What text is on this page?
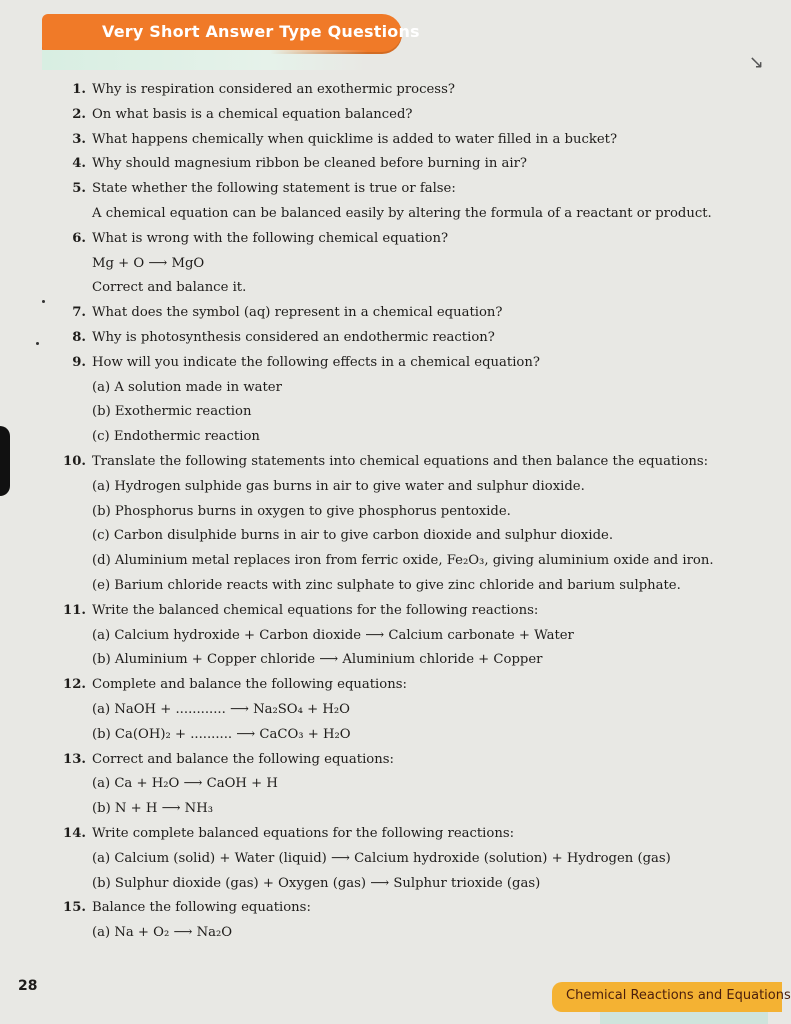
Very Short Answer Type Questions
↘
1. Why is respiration considered an exothermic process?
2. On what basis is a chemical equation balanced?
3. What happens chemically when quicklime is added to water filled in a bucket?
4. Why should magnesium ribbon be cleaned before burning in air?
5. State whether the following statement is true or false:
A chemical equation can be balanced easily by altering the formula of a reactant or product.
6. What is wrong with the following chemical equation?
Mg + O ⟶ MgO
Correct and balance it.
7. What does the symbol (aq) represent in a chemical equation?
8. Why is photosynthesis considered an endothermic reaction?
9. How will you indicate the following effects in a chemical equation?
(a) A solution made in water
(b) Exothermic reaction
(c) Endothermic reaction
10. Translate the following statements into chemical equations and then balance the equations:
(a) Hydrogen sulphide gas burns in air to give water and sulphur dioxide.
(b) Phosphorus burns in oxygen to give phosphorus pentoxide.
(c) Carbon disulphide burns in air to give carbon dioxide and sulphur dioxide.
(d) Aluminium metal replaces iron from ferric oxide, Fe₂O₃, giving aluminium oxide and iron.
(e) Barium chloride reacts with zinc sulphate to give zinc chloride and barium sulphate.
11. Write the balanced chemical equations for the following reactions:
(a) Calcium hydroxide + Carbon dioxide ⟶ Calcium carbonate + Water
(b) Aluminium + Copper chloride ⟶ Aluminium chloride + Copper
12. Complete and balance the following equations:
(a) NaOH + ............ ⟶ Na₂SO₄ + H₂O
(b) Ca(OH)₂ + .......... ⟶ CaCO₃ + H₂O
13. Correct and balance the following equations:
(a) Ca + H₂O ⟶ CaOH + H
(b) N + H ⟶ NH₃
14. Write complete balanced equations for the following reactions:
(a) Calcium (solid) + Water (liquid) ⟶ Calcium hydroxide (solution) + Hydrogen (gas)
(b) Sulphur dioxide (gas) + Oxygen (gas) ⟶ Sulphur trioxide (gas)
15. Balance the following equations:
(a) Na + O₂ ⟶ Na₂O
28
Chemical Reactions and Equations
